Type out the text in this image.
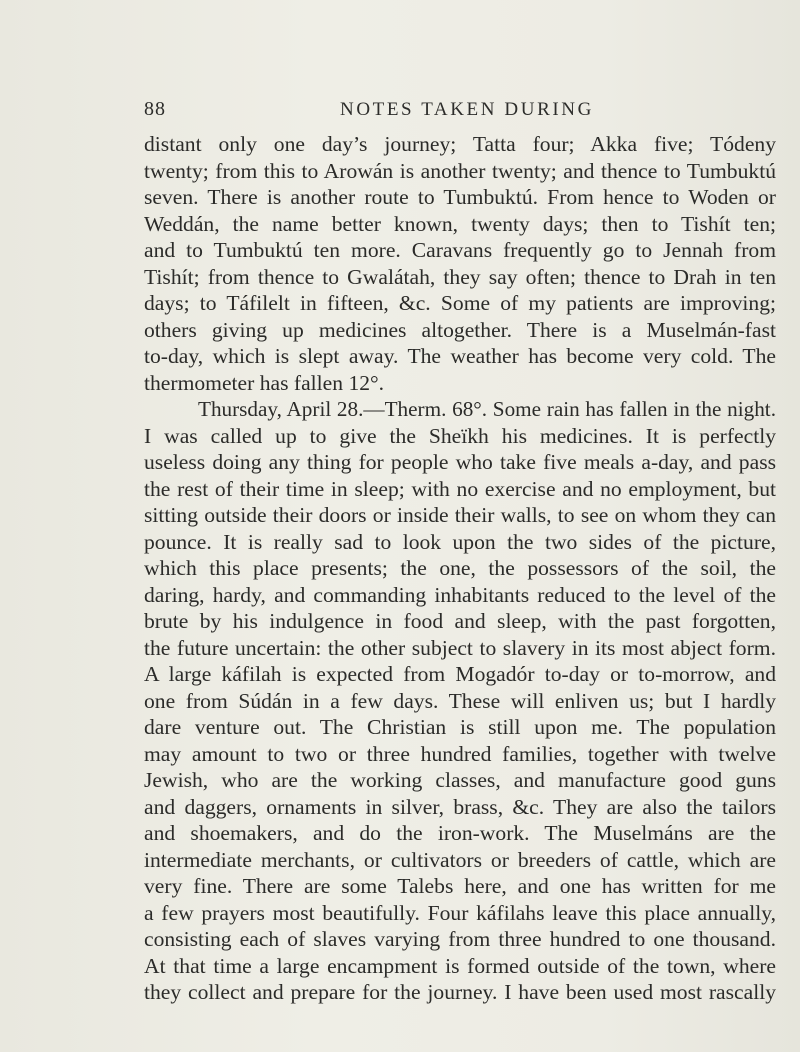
88	NOTES TAKEN DURING
distant only one day’s journey; Tatta four; Akka five; Tódeny
twenty; from this to Arowán is another twenty; and thence to Tumbuktú
seven. There is another route to Tumbuktú. From hence to Woden or
Weddán, the name better known, twenty days; then to Tishít ten;
and to Tumbuktú ten more. Caravans frequently go to Jennah from
Tishít; from thence to Gwalátah, they say often; thence to Drah in ten
days; to Táfilelt in fifteen, &c. Some of my patients are improving;
others giving up medicines altogether. There is a Muselmán-fast
to-day, which is slept away. The weather has become very cold. The
thermometer has fallen 12°.
Thursday, April 28.—Therm. 68°. Some rain has fallen in the night.
I was called up to give the Sheïkh his medicines. It is perfectly
useless doing any thing for people who take five meals a-day, and pass
the rest of their time in sleep; with no exercise and no employment, but
sitting outside their doors or inside their walls, to see on whom they can
pounce. It is really sad to look upon the two sides of the picture,
which this place presents; the one, the possessors of the soil, the
daring, hardy, and commanding inhabitants reduced to the level of the
brute by his indulgence in food and sleep, with the past forgotten,
the future uncertain: the other subject to slavery in its most abject form.
A large káfilah is expected from Mogadór to-day or to-morrow, and
one from Súdán in a few days. These will enliven us; but I hardly
dare venture out. The Christian is still upon me. The population
may amount to two or three hundred families, together with twelve
Jewish, who are the working classes, and manufacture good guns
and daggers, ornaments in silver, brass, &c. They are also the tailors
and shoemakers, and do the iron-work. The Muselmáns are the
intermediate merchants, or cultivators or breeders of cattle, which are
very fine. There are some Talebs here, and one has written for me
a few prayers most beautifully. Four káfilahs leave this place annually,
consisting each of slaves varying from three hundred to one thousand.
At that time a large encampment is formed outside of the town, where
they collect and prepare for the journey. I have been used most rascally
